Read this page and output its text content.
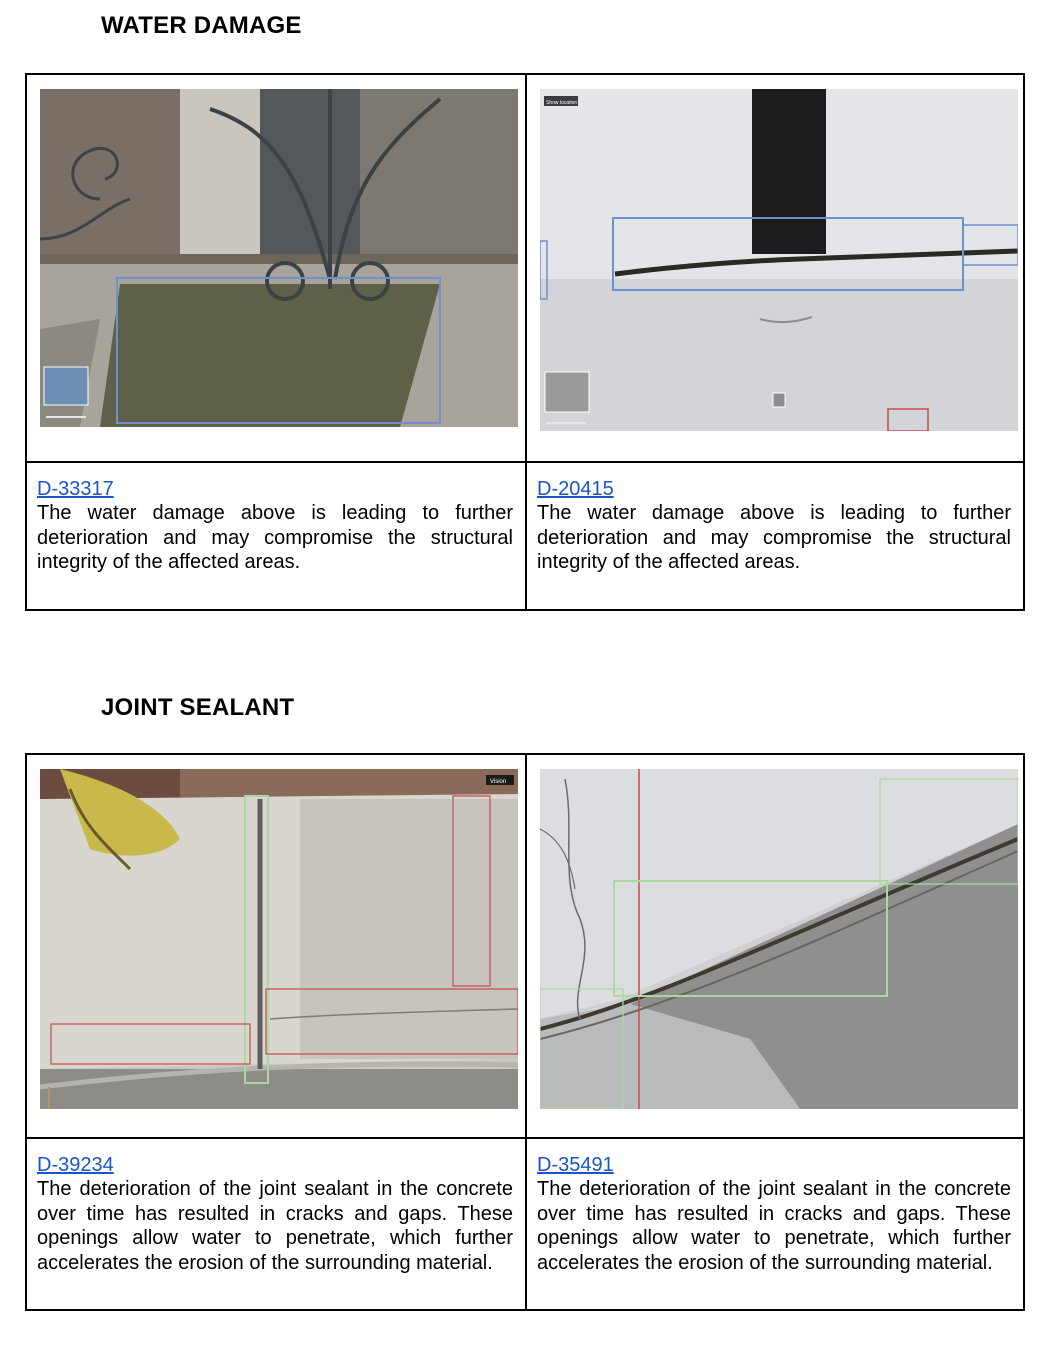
WATER DAMAGE
Show location
D-33317
The water damage above is leading to further deterioration and may compromise the structural integrity of the affected areas.
D-20415
The water damage above is leading to further deterioration and may compromise the structural integrity of the affected areas.
JOINT SEALANT
Vision
D-39234
The deterioration of the joint sealant in the concrete over time has resulted in cracks and gaps. These openings allow water to penetrate, which further accelerates the erosion of the surrounding material.
D-35491
The deterioration of the joint sealant in the concrete over time has resulted in cracks and gaps. These openings allow water to penetrate, which further accelerates the erosion of the surrounding material.
